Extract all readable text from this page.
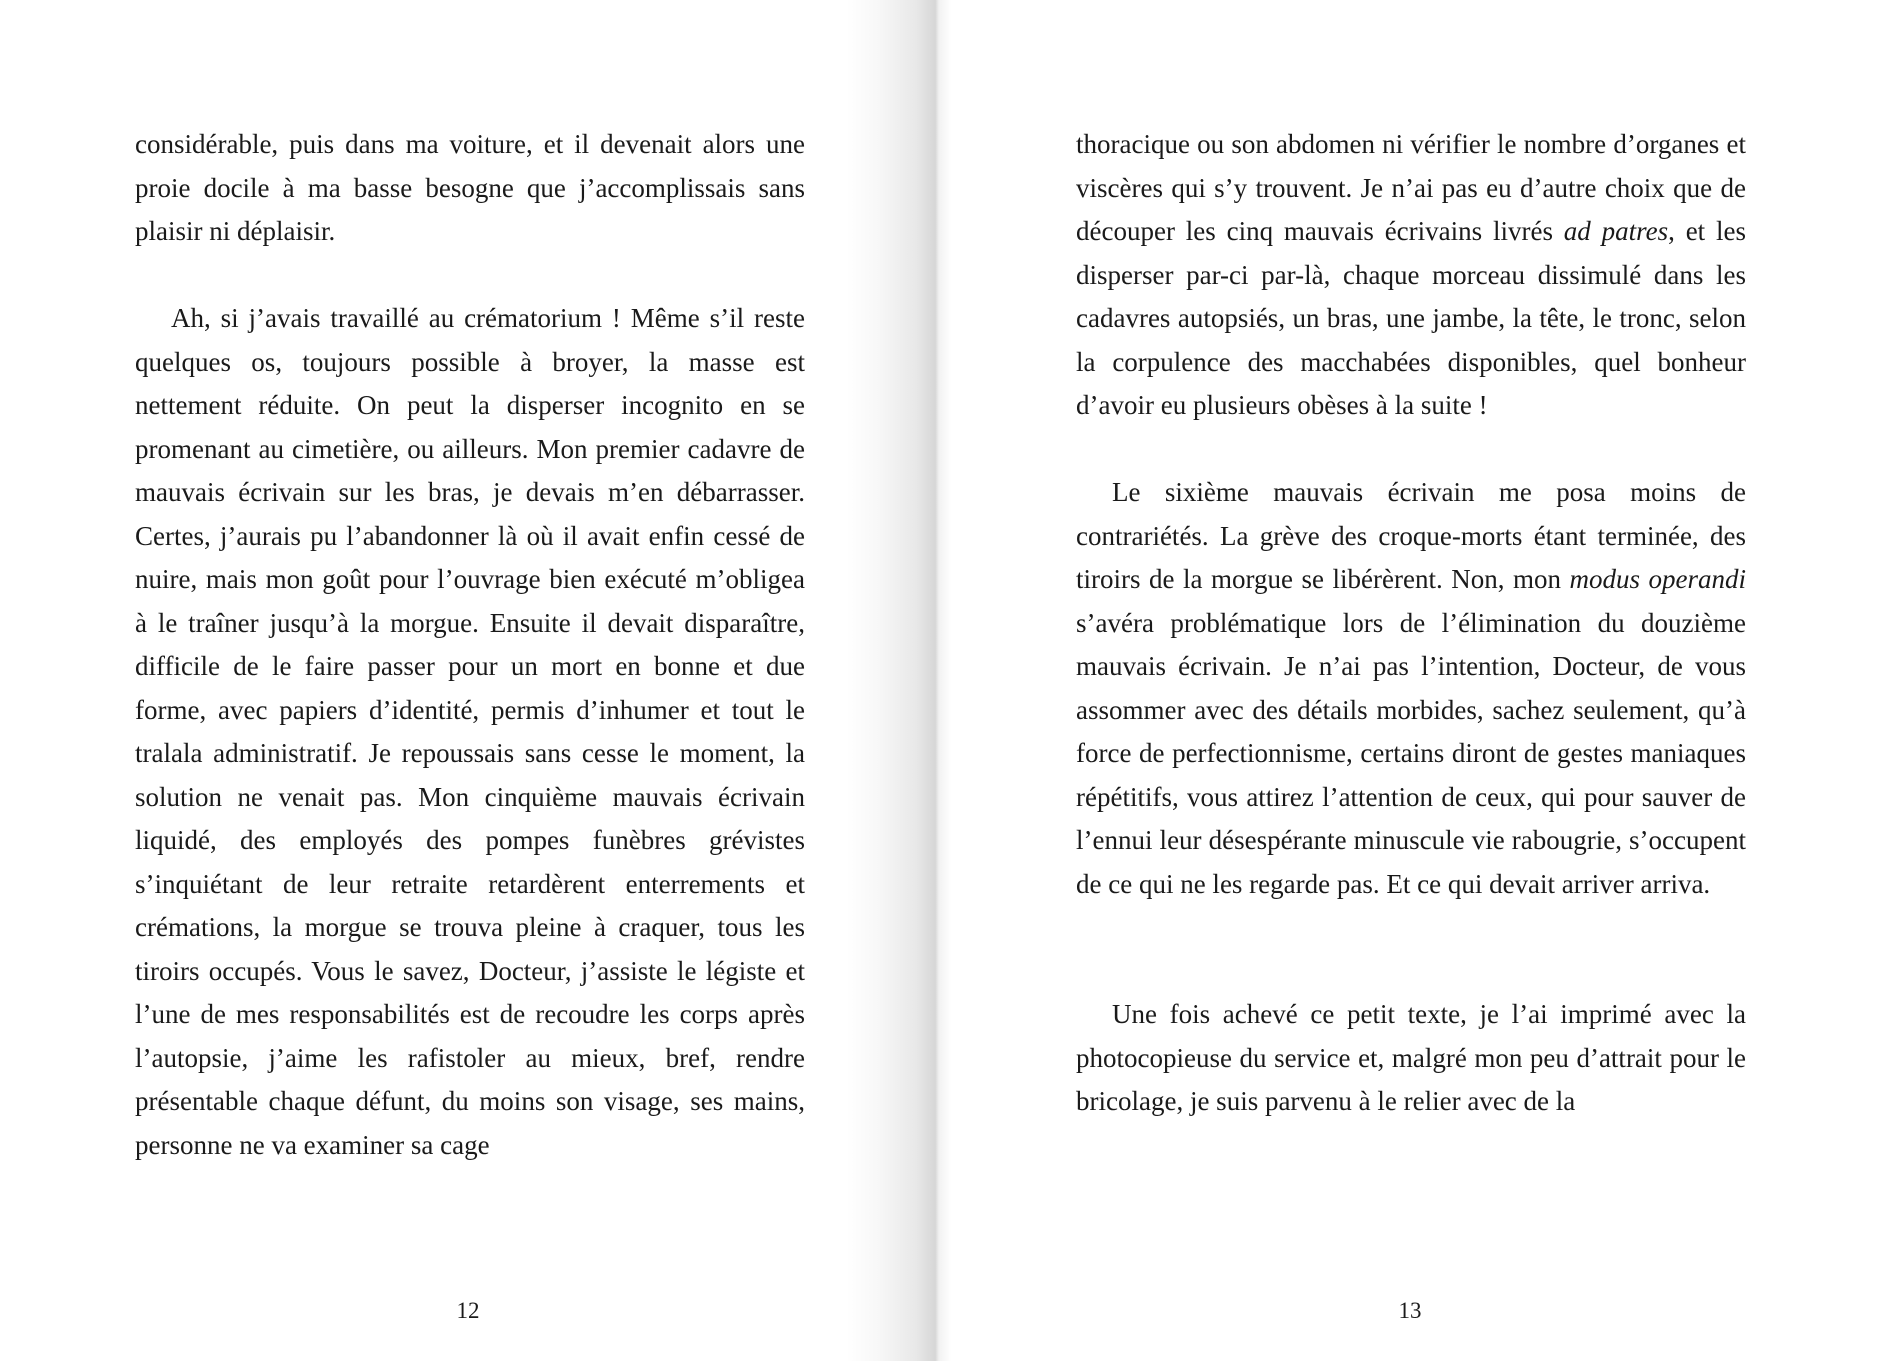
considérable, puis dans ma voiture, et il devenait alors une proie docile à ma basse besogne que j’accomplissais sans plaisir ni déplaisir.

Ah, si j’avais travaillé au crématorium ! Même s’il reste quelques os, toujours possible à broyer, la masse est nettement réduite. On peut la disperser incognito en se promenant au cimetière, ou ailleurs. Mon premier cadavre de mauvais écrivain sur les bras, je devais m’en débarrasser. Certes, j’aurais pu l’abandonner là où il avait enfin cessé de nuire, mais mon goût pour l’ouvrage bien exécuté m’obligea à le traîner jusqu’à la morgue. Ensuite il devait disparaître, difficile de le faire passer pour un mort en bonne et due forme, avec papiers d’identité, permis d’inhumer et tout le tralala administratif. Je repoussais sans cesse le moment, la solution ne venait pas. Mon cinquième mauvais écrivain liquidé, des employés des pompes funèbres grévistes s’inquiétant de leur retraite retardèrent enterrements et crémations, la morgue se trouva pleine à craquer, tous les tiroirs occupés. Vous le savez, Docteur, j’assiste le légiste et l’une de mes responsabilités est de recoudre les corps après l’autopsie, j’aime les rafistoler au mieux, bref, rendre présentable chaque défunt, du moins son visage, ses mains, personne ne va examiner sa cage

12

thoracique ou son abdomen ni vérifier le nombre d’organes et viscères qui s’y trouvent. Je n’ai pas eu d’autre choix que de découper les cinq mauvais écrivains livrés ad patres, et les disperser par-ci par-là, chaque morceau dissimulé dans les cadavres autopsiés, un bras, une jambe, la tête, le tronc, selon la corpulence des macchabées disponibles, quel bonheur d’avoir eu plusieurs obèses à la suite !

Le sixième mauvais écrivain me posa moins de contrariétés. La grève des croque-morts étant terminée, des tiroirs de la morgue se libérèrent. Non, mon modus operandi s’avéra problématique lors de l’élimination du douzième mauvais écrivain. Je n’ai pas l’intention, Docteur, de vous assommer avec des détails morbides, sachez seulement, qu’à force de perfectionnisme, certains diront de gestes maniaques répétitifs, vous attirez l’attention de ceux, qui pour sauver de l’ennui leur désespérante minuscule vie rabougrie, s’occupent de ce qui ne les regarde pas. Et ce qui devait arriver arriva.

Une fois achevé ce petit texte, je l’ai imprimé avec la photocopieuse du service et, malgré mon peu d’attrait pour le bricolage, je suis parvenu à le relier avec de la

13
